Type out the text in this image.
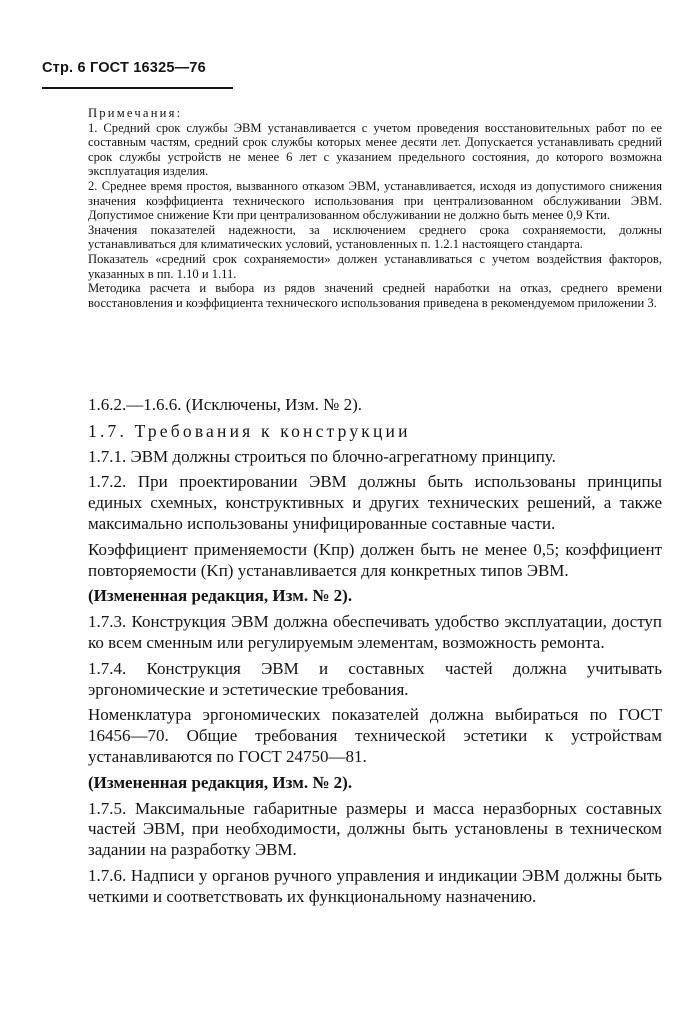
Стр. 6 ГОСТ 16325—76

Примечания:

1. Средний срок службы ЭВМ устанавливается с учетом проведения восстановительных работ по ее составным частям, средний срок службы которых менее десяти лет. Допускается устанавливать средний срок службы устройств не менее 6 лет с указанием предельного состояния, до которого возможна эксплуатация изделия.

2. Среднее время простоя, вызванного отказом ЭВМ, устанавливается, исходя из допустимого снижения значения коэффициента технического использования при централизованном обслуживании ЭВМ. Допустимое снижение Kти при централизованном обслуживании не должно быть менее 0,9 Kти.

Значения показателей надежности, за исключением среднего срока сохраняемости, должны устанавливаться для климатических условий, установленных п. 1.2.1 настоящего стандарта.

Показатель «средний срок сохраняемости» должен устанавливаться с учетом воздействия факторов, указанных в пп. 1.10 и 1.11.

Методика расчета и выбора из рядов значений средней наработки на отказ, среднего времени восстановления и коэффициента технического использования приведена в рекомендуемом приложении 3.

1.6.2.—1.6.6. (Исключены, Изм. № 2).

1.7. Требования к конструкции

1.7.1. ЭВМ должны строиться по блочно-агрегатному принципу.

1.7.2. При проектировании ЭВМ должны быть использованы принципы единых схемных, конструктивных и других технических решений, а также максимально использованы унифицированные составные части.

Коэффициент применяемости (Kпр) должен быть не менее 0,5; коэффициент повторяемости (Kп) устанавливается для конкретных типов ЭВМ.

(Измененная редакция, Изм. № 2).

1.7.3. Конструкция ЭВМ должна обеспечивать удобство эксплуатации, доступ ко всем сменным или регулируемым элементам, возможность ремонта.

1.7.4. Конструкция ЭВМ и составных частей должна учитывать эргономические и эстетические требования.

Номенклатура эргономических показателей должна выбираться по ГОСТ 16456—70. Общие требования технической эстетики к устройствам устанавливаются по ГОСТ 24750—81.

(Измененная редакция, Изм. № 2).

1.7.5. Максимальные габаритные размеры и масса неразборных составных частей ЭВМ, при необходимости, должны быть установлены в техническом задании на разработку ЭВМ.

1.7.6. Надписи у органов ручного управления и индикации ЭВМ должны быть четкими и соответствовать их функциональному назначению.
